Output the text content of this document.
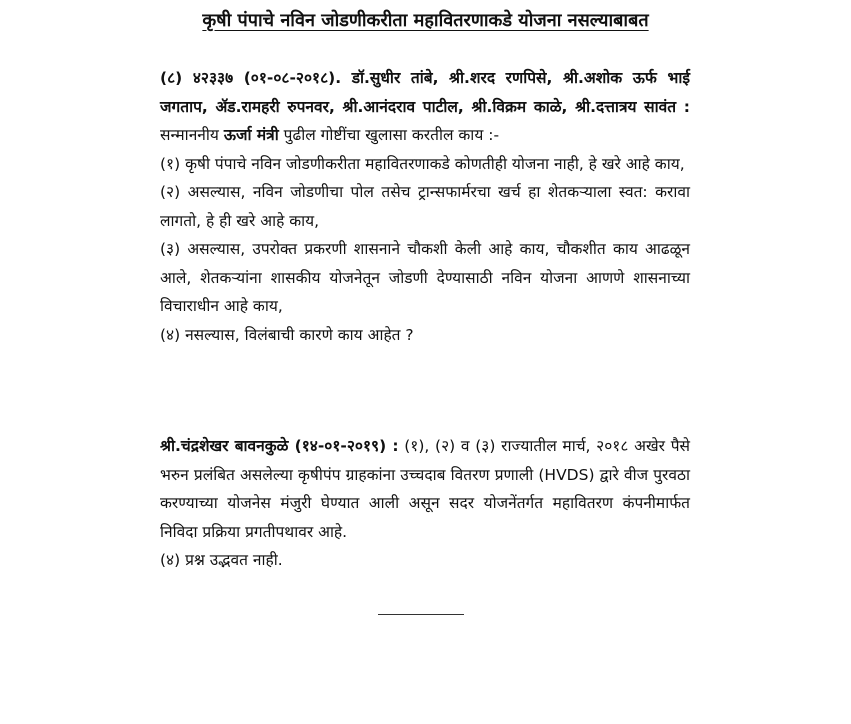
कृषी पंपाचे नविन जोडणीकरीता महावितरणाकडे योजना नसल्याबाबत

(८) ४२३३७ (०१-०८-२०१८). डॉ.सुधीर तांबे, श्री.शरद रणपिसे, श्री.अशोक ऊर्फ भाई जगताप, ॲड.रामहरी रुपनवर, श्री.आनंदराव पाटील, श्री.विक्रम काळे, श्री.दत्तात्रय सावंत : सन्माननीय ऊर्जा मंत्री पुढील गोष्टींचा खुलासा करतील काय :-

(१) कृषी पंपाचे नविन जोडणीकरीता महावितरणाकडे कोणतीही योजना नाही, हे खरे आहे काय,

(२) असल्यास, नविन जोडणीचा पोल तसेच ट्रान्सफार्मरचा खर्च हा शेतकऱ्याला स्वत: करावा लागतो, हे ही खरे आहे काय,

(३) असल्यास, उपरोक्त प्रकरणी शासनाने चौकशी केली आहे काय, चौकशीत काय आढळून आले, शेतकऱ्यांना शासकीय योजनेतून जोडणी देण्यासाठी नविन योजना आणणे शासनाच्या विचाराधीन आहे काय,

(४) नसल्यास, विलंबाची कारणे काय आहेत ?

श्री.चंद्रशेखर बावनकुळे (१४-०१-२०१९) : (१), (२) व (३) राज्यातील मार्च, २०१८ अखेर पैसे भरुन प्रलंबित असलेल्या कृषीपंप ग्राहकांना उच्चदाब वितरण प्रणाली (HVDS) द्वारे वीज पुरवठा करण्याच्या योजनेस मंजुरी घेण्यात आली असून सदर योजनेंतर्गत महावितरण कंपनीमार्फत निविदा प्रक्रिया प्रगतीपथावर आहे.

(४) प्रश्न उद्भवत नाही.
